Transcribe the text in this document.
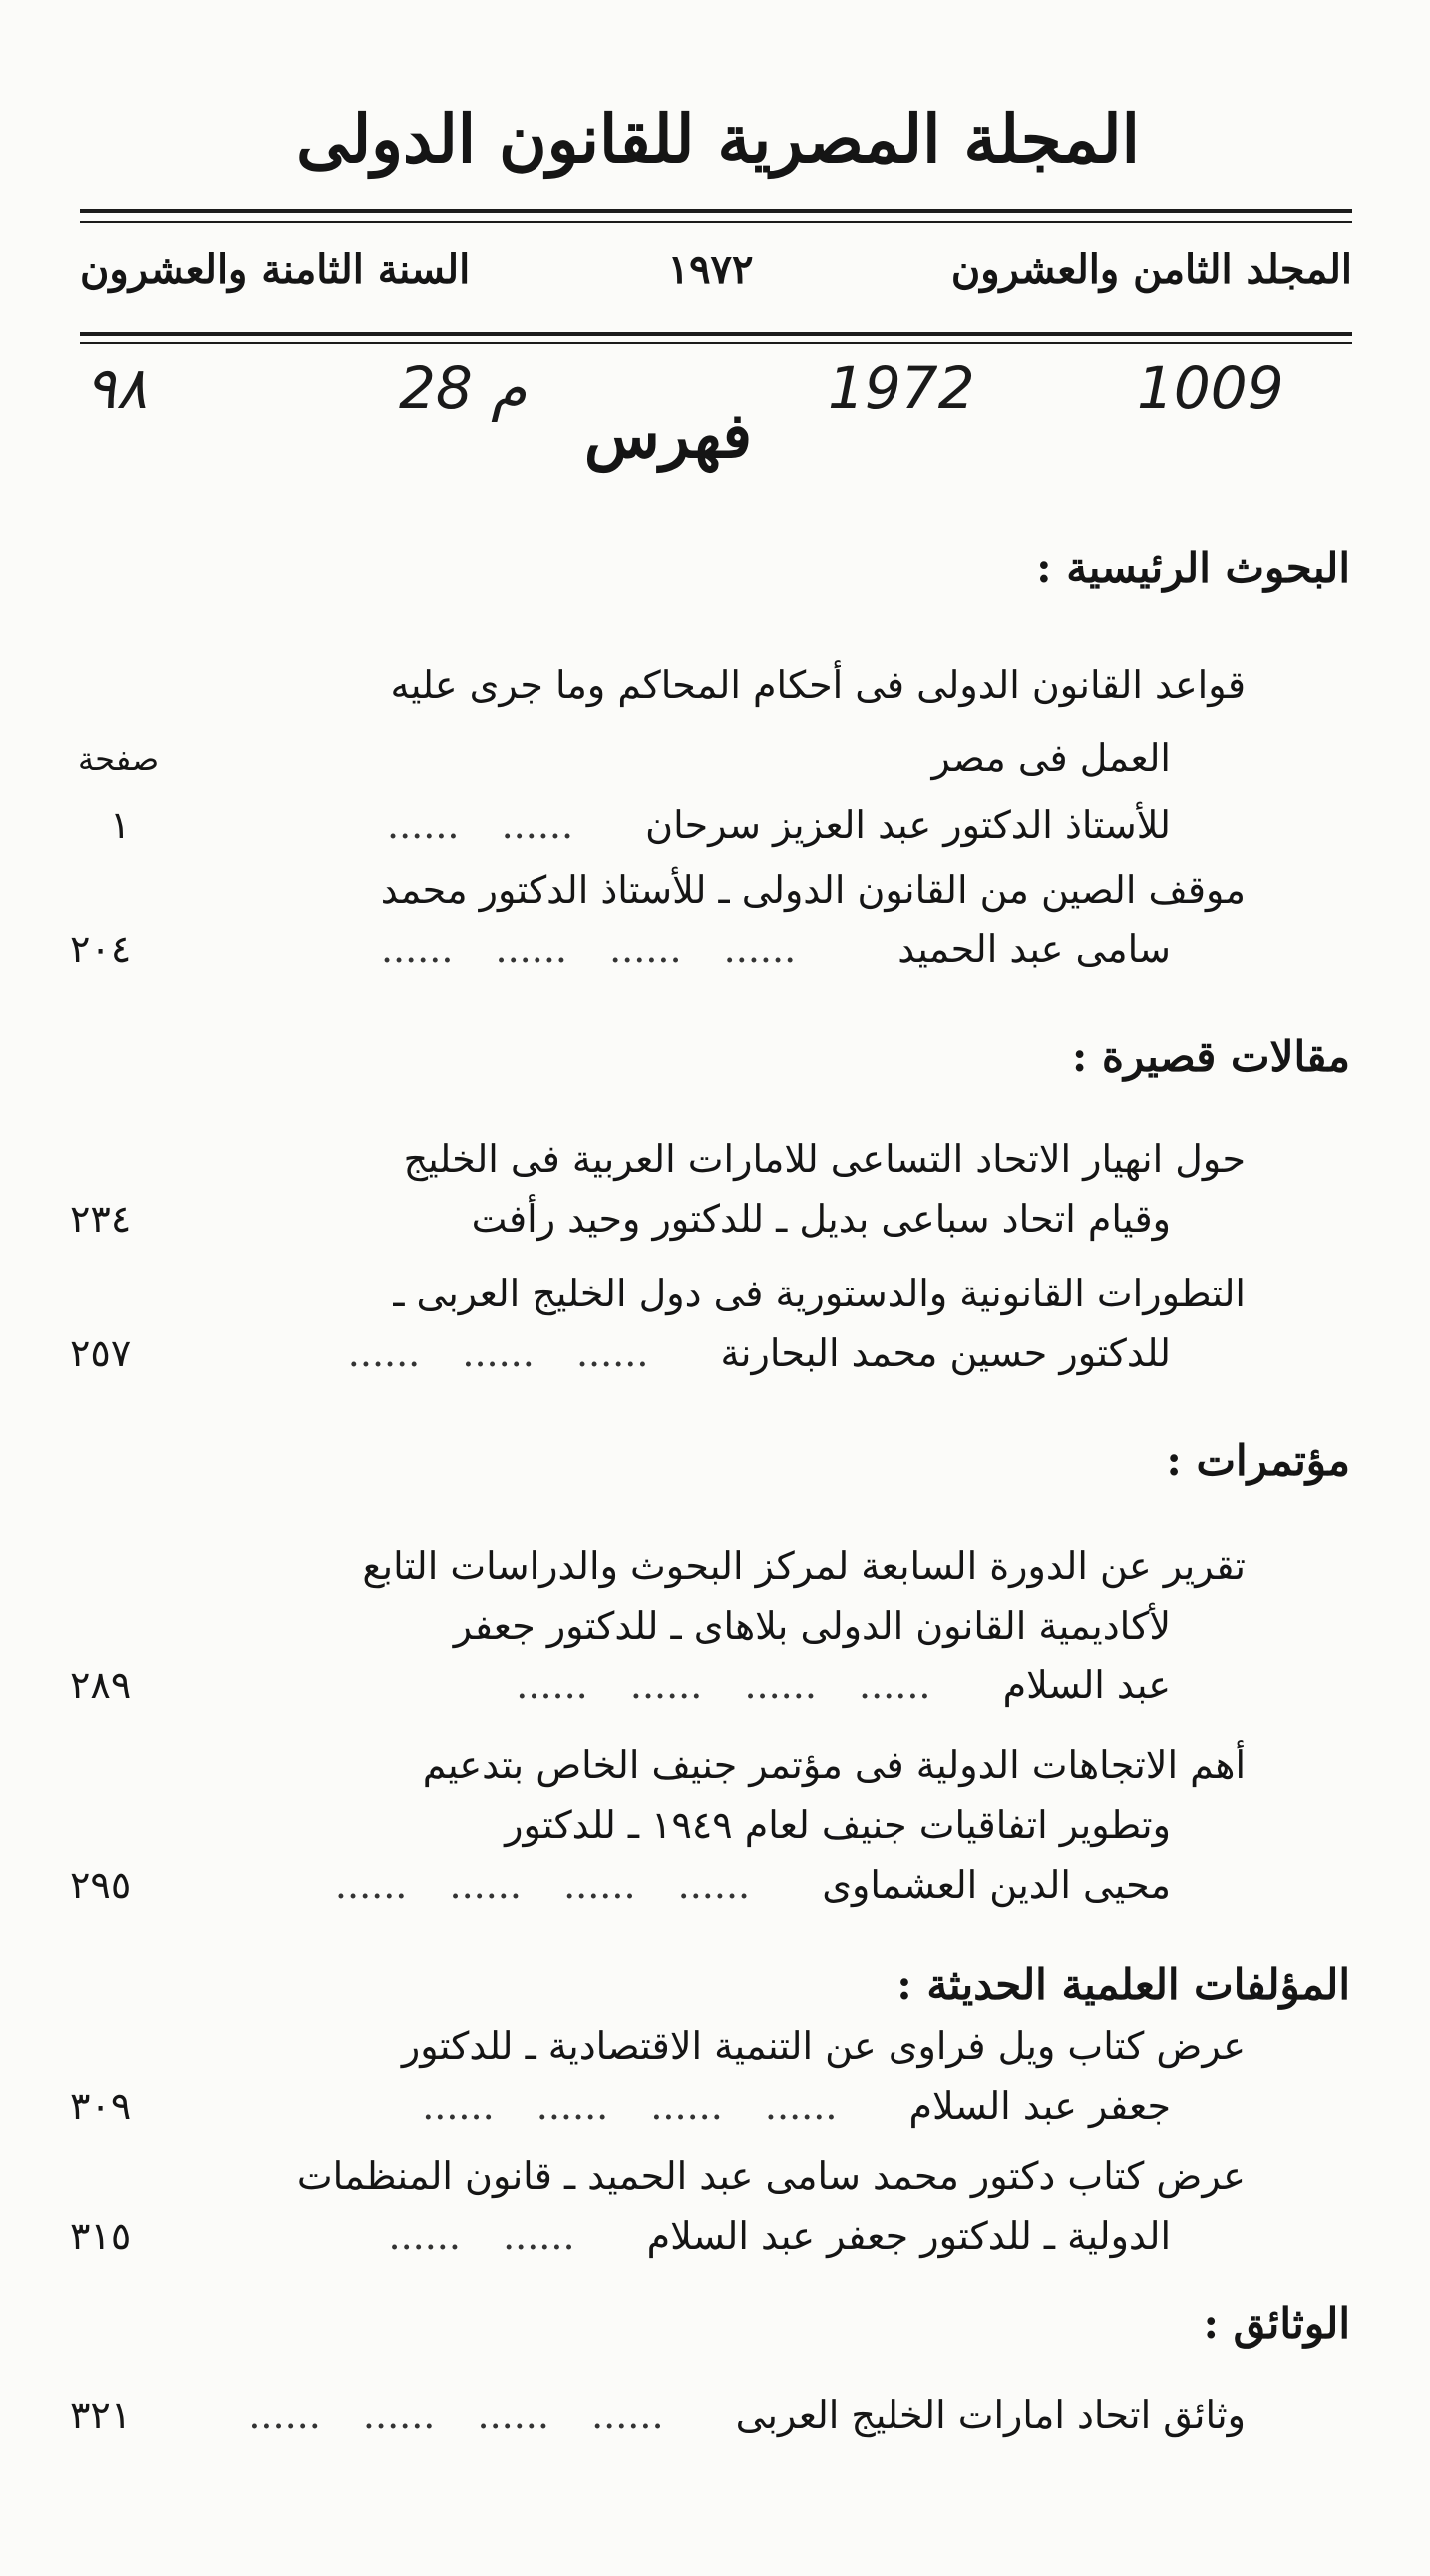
المجلة المصرية للقانون الدولى
المجلد الثامن والعشرون
١٩٧٢
السنة الثامنة والعشرون
٩٨	م 28	1972	1009
فهرس
البحوث الرئيسية :
قواعد القانون الدولى فى أحكام المحاكم وما جرى عليه
صفحة	العمل فى مصر
للأستاذ الدكتور عبد العزيز سرحان ...... ......
١
موقف الصين من القانون الدولى ـ للأستاذ الدكتور محمد
سامى عبد الحميد ...... ...... ...... ......
٢٠٤
مقالات قصيرة :
حول انهيار الاتحاد التساعى للامارات العربية فى الخليج
وقيام اتحاد سباعى بديل ـ للدكتور وحيد رأفت
٢٣٤
التطورات القانونية والدستورية فى دول الخليج العربى ـ
للدكتور حسين محمد البحارنة ...... ...... ......
٢٥٧
مؤتمرات :
تقرير عن الدورة السابعة لمركز البحوث والدراسات التابع
لأكاديمية القانون الدولى بلاهاى ـ للدكتور جعفر
عبد السلام ...... ...... ...... ......
٢٨٩
أهم الاتجاهات الدولية فى مؤتمر جنيف الخاص بتدعيم
وتطوير اتفاقيات جنيف لعام ١٩٤٩ ـ للدكتور
محيى الدين العشماوى ...... ...... ...... ......
٢٩٥
المؤلفات العلمية الحديثة :
عرض كتاب ويل فراوى عن التنمية الاقتصادية ـ للدكتور
جعفر عبد السلام ...... ...... ...... ......
٣٠٩
عرض كتاب دكتور محمد سامى عبد الحميد ـ قانون المنظمات
الدولية ـ للدكتور جعفر عبد السلام ...... ......
٣١٥
الوثائق :
وثائق اتحاد امارات الخليج العربى ...... ...... ...... ......
٣٢١
